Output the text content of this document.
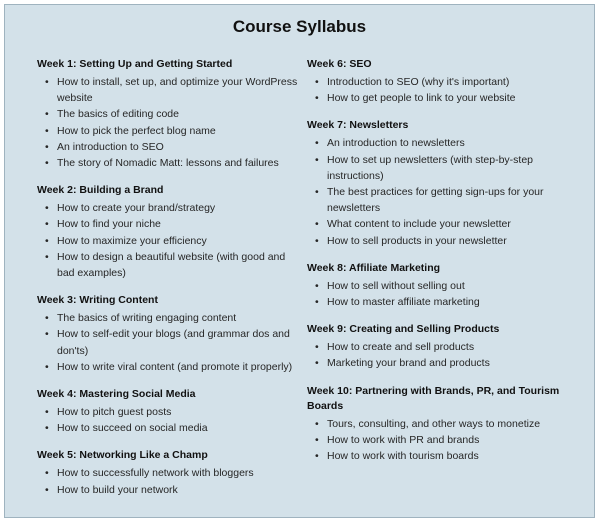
Course Syllabus
Week 1: Setting Up and Getting Started
• How to install, set up, and optimize your WordPress website
• The basics of editing code
• How to pick the perfect blog name
• An introduction to SEO
• The story of Nomadic Matt: lessons and failures
Week 2: Building a Brand
• How to create your brand/strategy
• How to find your niche
• How to maximize your efficiency
• How to design a beautiful website (with good and bad examples)
Week 3: Writing Content
• The basics of writing engaging content
• How to self-edit your blogs (and grammar dos and don'ts)
• How to write viral content (and promote it properly)
Week 4: Mastering Social Media
• How to pitch guest posts
• How to succeed on social media
Week 5: Networking Like a Champ
• How to successfully network with bloggers
• How to build your network
Week 6: SEO
• Introduction to SEO (why it's important)
• How to get people to link to your website
Week 7: Newsletters
• An introduction to newsletters
• How to set up newsletters (with step-by-step instructions)
• The best practices for getting sign-ups for your newsletters
• What content to include your newsletter
• How to sell products in your newsletter
Week 8: Affiliate Marketing
• How to sell without selling out
• How to master affiliate marketing
Week 9: Creating and Selling Products
• How to create and sell products
• Marketing your brand and products
Week 10: Partnering with Brands, PR, and Tourism Boards
• Tours, consulting, and other ways to monetize
• How to work with PR and brands
• How to work with tourism boards
